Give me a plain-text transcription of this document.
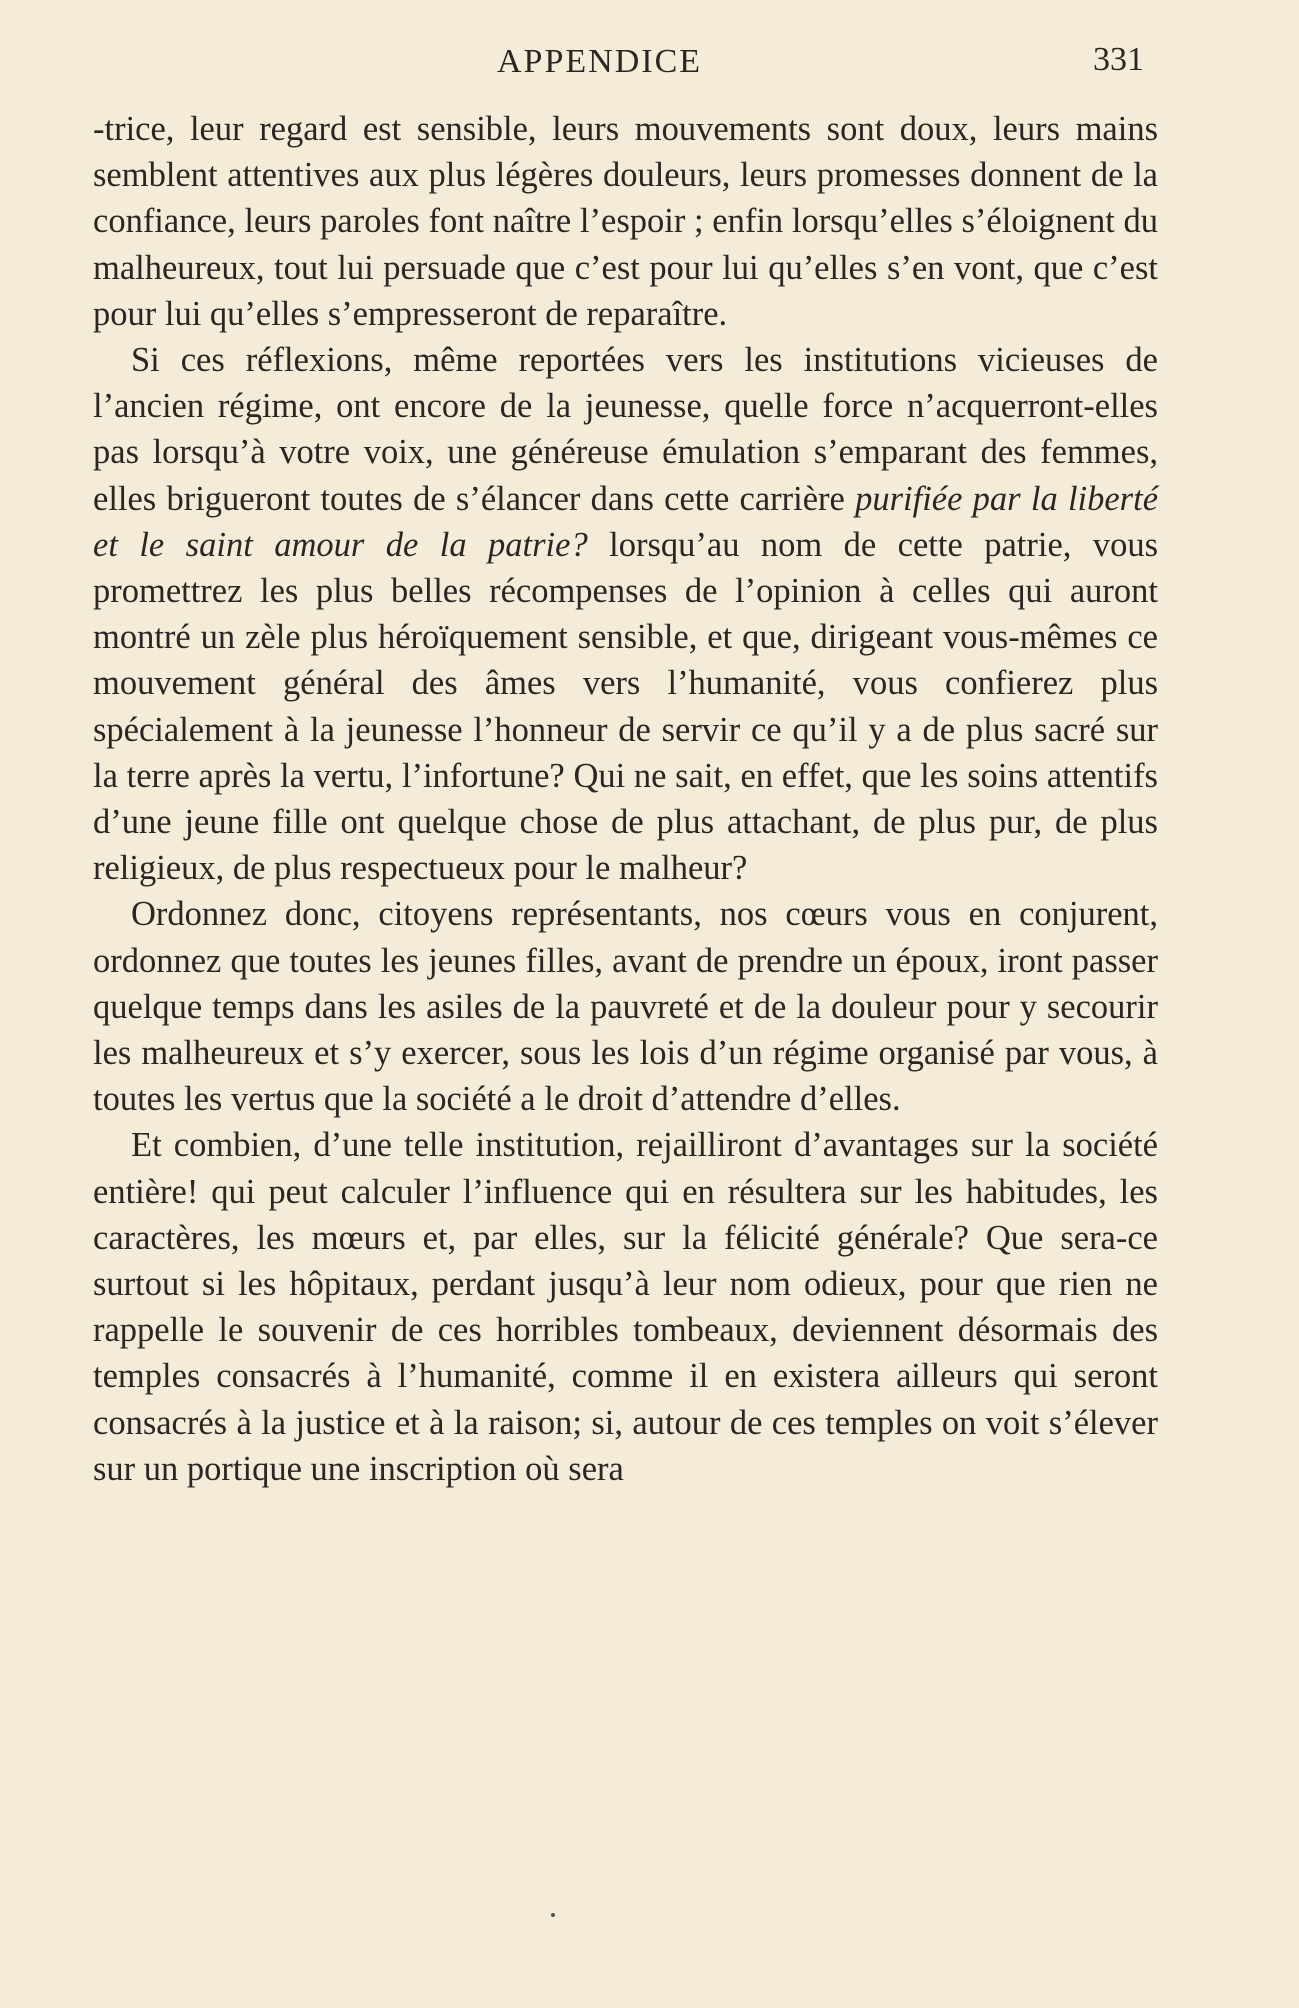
APPENDICE	331

-trice, leur regard est sensible, leurs mouvements sont doux, leurs mains semblent attentives aux plus légères douleurs, leurs promesses donnent de la confiance, leurs paroles font naître l’espoir ; enfin lorsqu’elles s’éloignent du malheureux, tout lui persuade que c’est pour lui qu’elles s’en vont, que c’est pour lui qu’elles s’empresseront de reparaître.

Si ces réflexions, même reportées vers les institutions vicieuses de l’ancien régime, ont encore de la jeunesse, quelle force n’acquerront-elles pas lorsqu’à votre voix, une généreuse émulation s’emparant des femmes, elles brigueront toutes de s’élancer dans cette carrière purifiée par la liberté et le saint amour de la patrie? lorsqu’au nom de cette patrie, vous promettrez les plus belles récompenses de l’opinion à celles qui auront montré un zèle plus héroïquement sensible, et que, dirigeant vous-mêmes ce mouvement général des âmes vers l’humanité, vous confierez plus spécialement à la jeunesse l’honneur de servir ce qu’il y a de plus sacré sur la terre après la vertu, l’infortune? Qui ne sait, en effet, que les soins attentifs d’une jeune fille ont quelque chose de plus attachant, de plus pur, de plus religieux, de plus respectueux pour le malheur?

Ordonnez donc, citoyens représentants, nos cœurs vous en conjurent, ordonnez que toutes les jeunes filles, avant de prendre un époux, iront passer quelque temps dans les asiles de la pauvreté et de la douleur pour y secourir les malheureux et s’y exercer, sous les lois d’un régime organisé par vous, à toutes les vertus que la société a le droit d’attendre d’elles.

Et combien, d’une telle institution, rejailliront d’avantages sur la société entière! qui peut calculer l’influence qui en résultera sur les habitudes, les caractères, les mœurs et, par elles, sur la félicité générale? Que sera-ce surtout si les hôpitaux, perdant jusqu’à leur nom odieux, pour que rien ne rappelle le souvenir de ces horribles tombeaux, deviennent désormais des temples consacrés à l’humanité, comme il en existera ailleurs qui seront consacrés à la justice et à la raison; si, autour de ces temples on voit s’élever sur un portique une inscription où sera
